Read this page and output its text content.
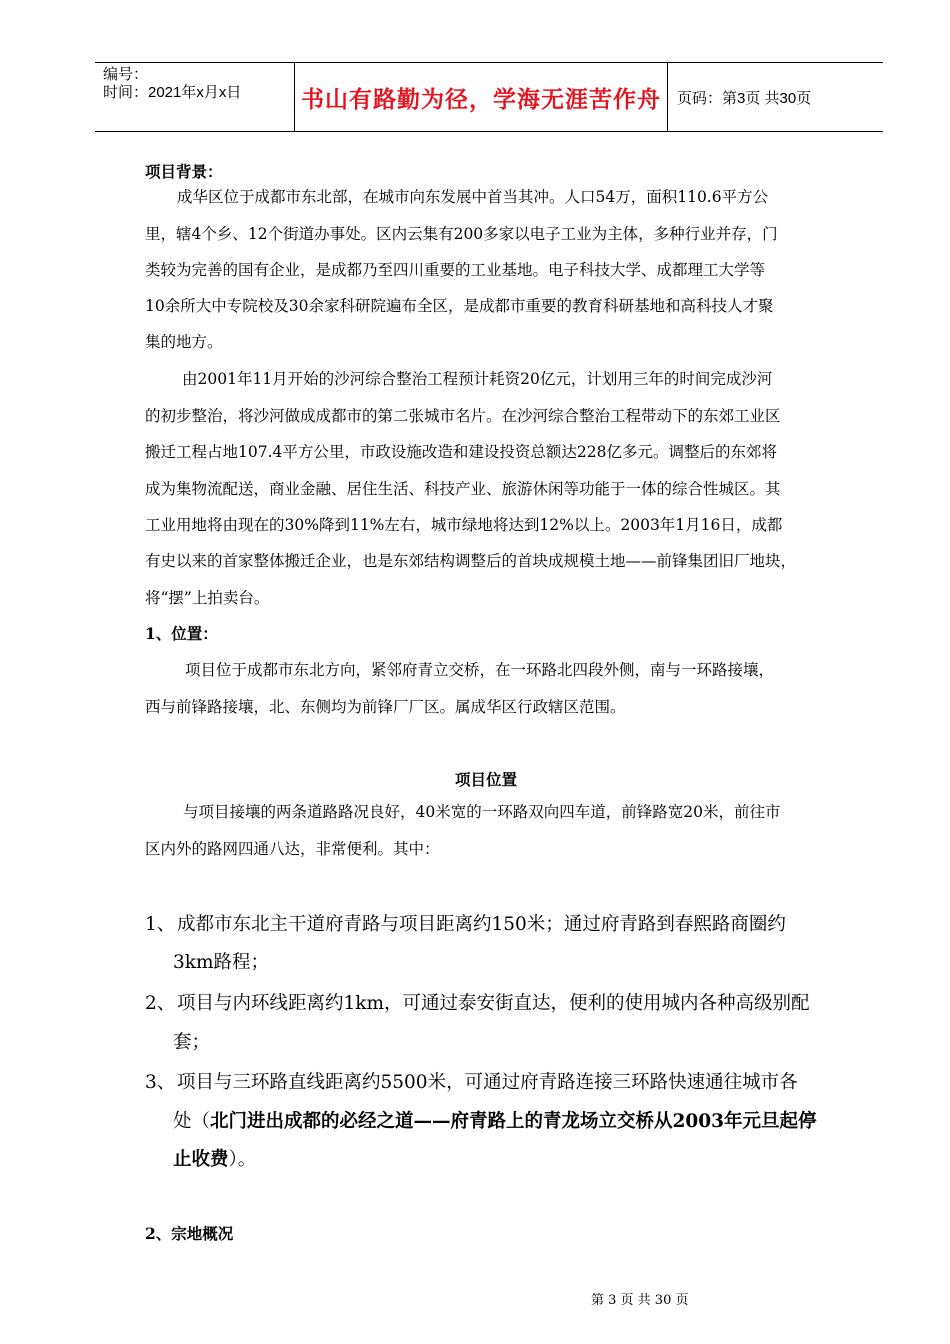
编号：
时间：2021年x月x日	书山有路勤为径，学海无涯苦作舟	页码：第3页 共30页
项目背景：
成华区位于成都市东北部，在城市向东发展中首当其冲。人口54万，面积110.6平方公
里，辖4个乡、12个街道办事处。区内云集有200多家以电子工业为主体，多种行业并存，门
类较为完善的国有企业，是成都乃至四川重要的工业基地。电子科技大学、成都理工大学等
10余所大中专院校及30余家科研院遍布全区，是成都市重要的教育科研基地和高科技人才聚
集的地方。
由2001年11月开始的沙河综合整治工程预计耗资20亿元，计划用三年的时间完成沙河
的初步整治，将沙河做成成都市的第二张城市名片。在沙河综合整治工程带动下的东郊工业区
搬迁工程占地107.4平方公里，市政设施改造和建设投资总额达228亿多元。调整后的东郊将
成为集物流配送，商业金融、居住生活、科技产业、旅游休闲等功能于一体的综合性城区。其
工业用地将由现在的30%降到11%左右，城市绿地将达到12%以上。2003年1月16日，成都
有史以来的首家整体搬迁企业，也是东郊结构调整后的首块成规模土地——前锋集团旧厂地块，
将“摆”上拍卖台。
1、位置：
项目位于成都市东北方向，紧邻府青立交桥，在一环路北四段外侧，南与一环路接壤，
西与前锋路接壤，北、东侧均为前锋厂厂区。属成华区行政辖区范围。
项目位置
与项目接壤的两条道路路况良好，40米宽的一环路双向四车道，前锋路宽20米，前往市
区内外的路网四通八达，非常便利。其中：
1、 成都市东北主干道府青路与项目距离约150米；通过府青路到春熙路商圈约
3km路程；
2、 项目与内环线距离约1km，可通过泰安街直达，便利的使用城内各种高级别配
套；
3、 项目与三环路直线距离约5500米，可通过府青路连接三环路快速通往城市各
处（北门进出成都的必经之道——府青路上的青龙场立交桥从2003年元旦起停
止收费）。
2、宗地概况
第 3 页 共 30 页
